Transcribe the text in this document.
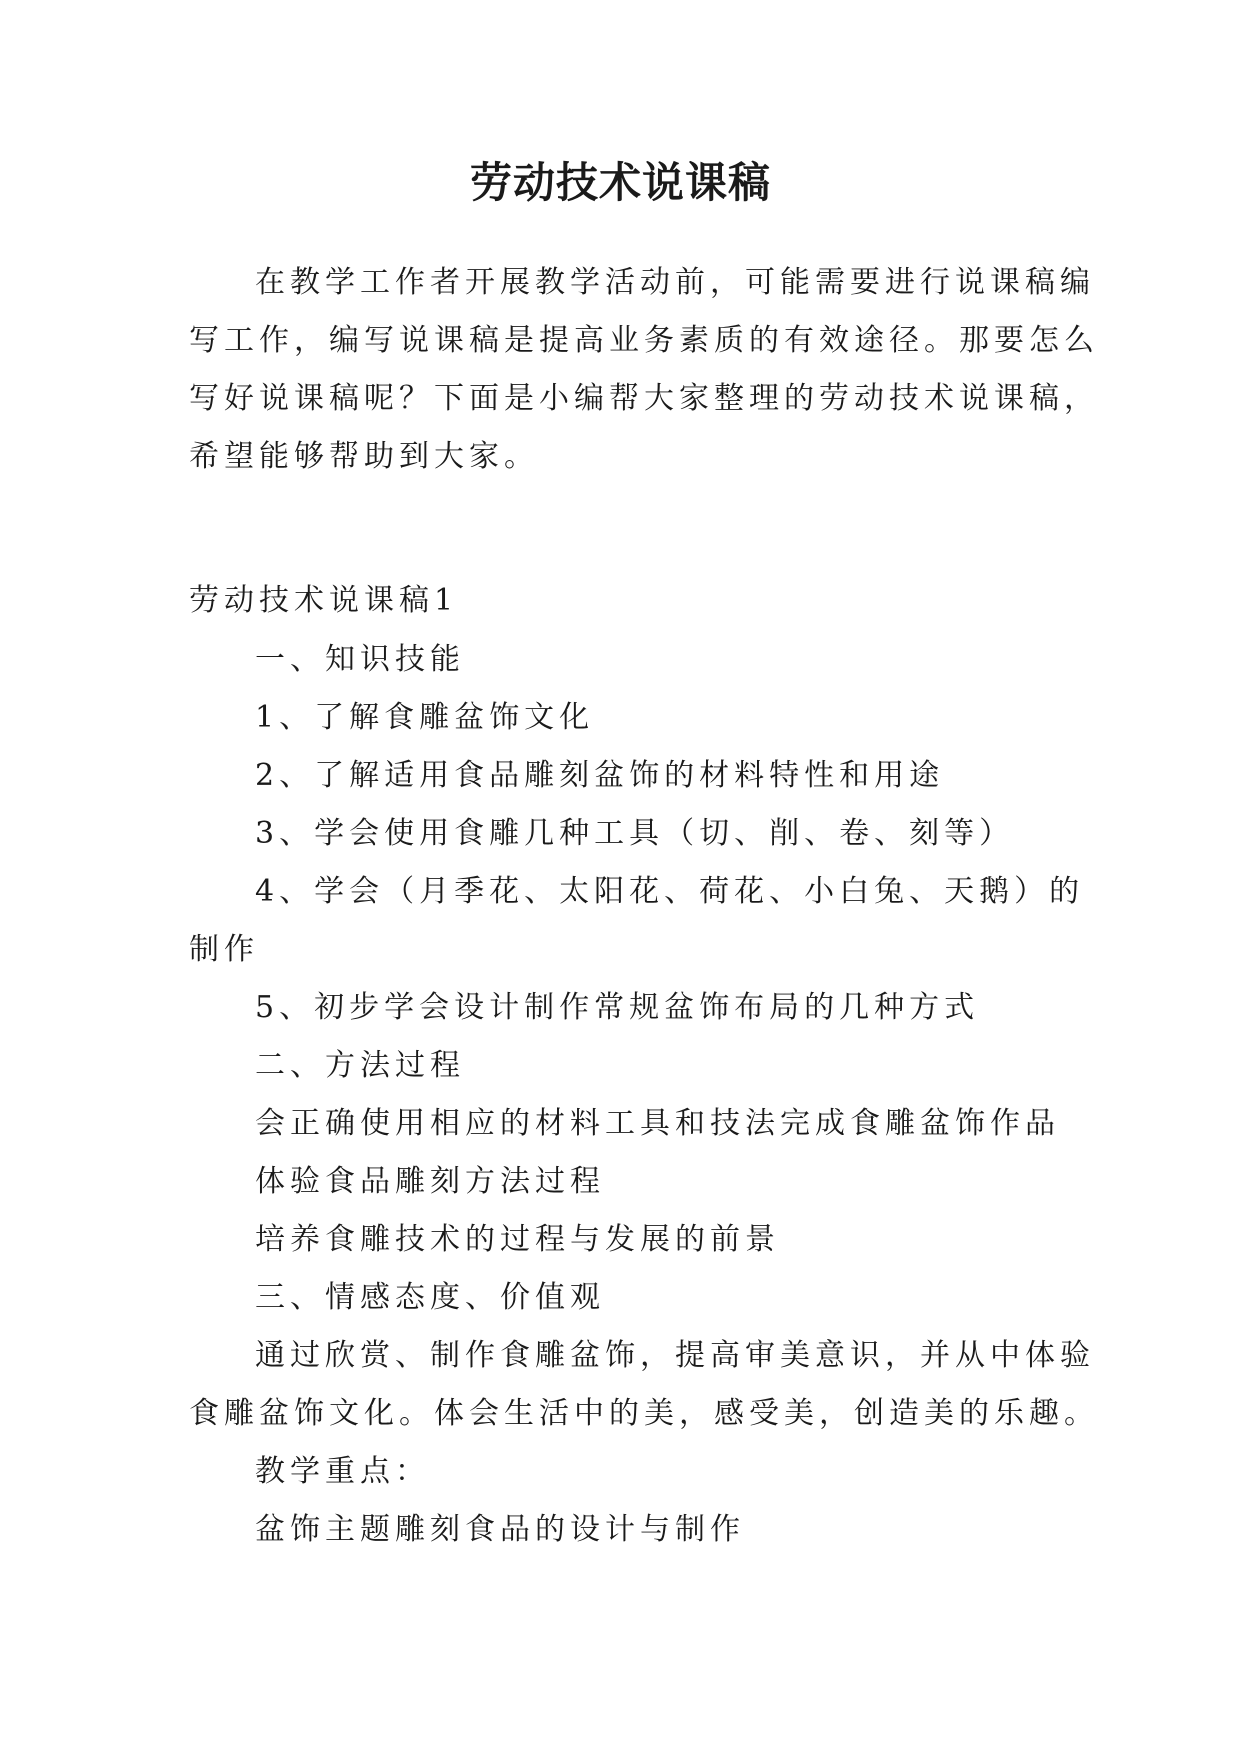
劳动技术说课稿

在教学工作者开展教学活动前，可能需要进行说课稿编

写工作，编写说课稿是提高业务素质的有效途径。那要怎么

写好说课稿呢？下面是小编帮大家整理的劳动技术说课稿，

希望能够帮助到大家。

劳动技术说课稿1

一、知识技能

1、了解食雕盆饰文化

2、了解适用食品雕刻盆饰的材料特性和用途

3、学会使用食雕几种工具（切、削、卷、刻等）

4、学会（月季花、太阳花、荷花、小白兔、天鹅）的

制作

5、初步学会设计制作常规盆饰布局的几种方式

二、方法过程

会正确使用相应的材料工具和技法完成食雕盆饰作品

体验食品雕刻方法过程

培养食雕技术的过程与发展的前景

三、情感态度、价值观

通过欣赏、制作食雕盆饰，提高审美意识，并从中体验

食雕盆饰文化。体会生活中的美，感受美，创造美的乐趣。

教学重点：

盆饰主题雕刻食品的设计与制作
